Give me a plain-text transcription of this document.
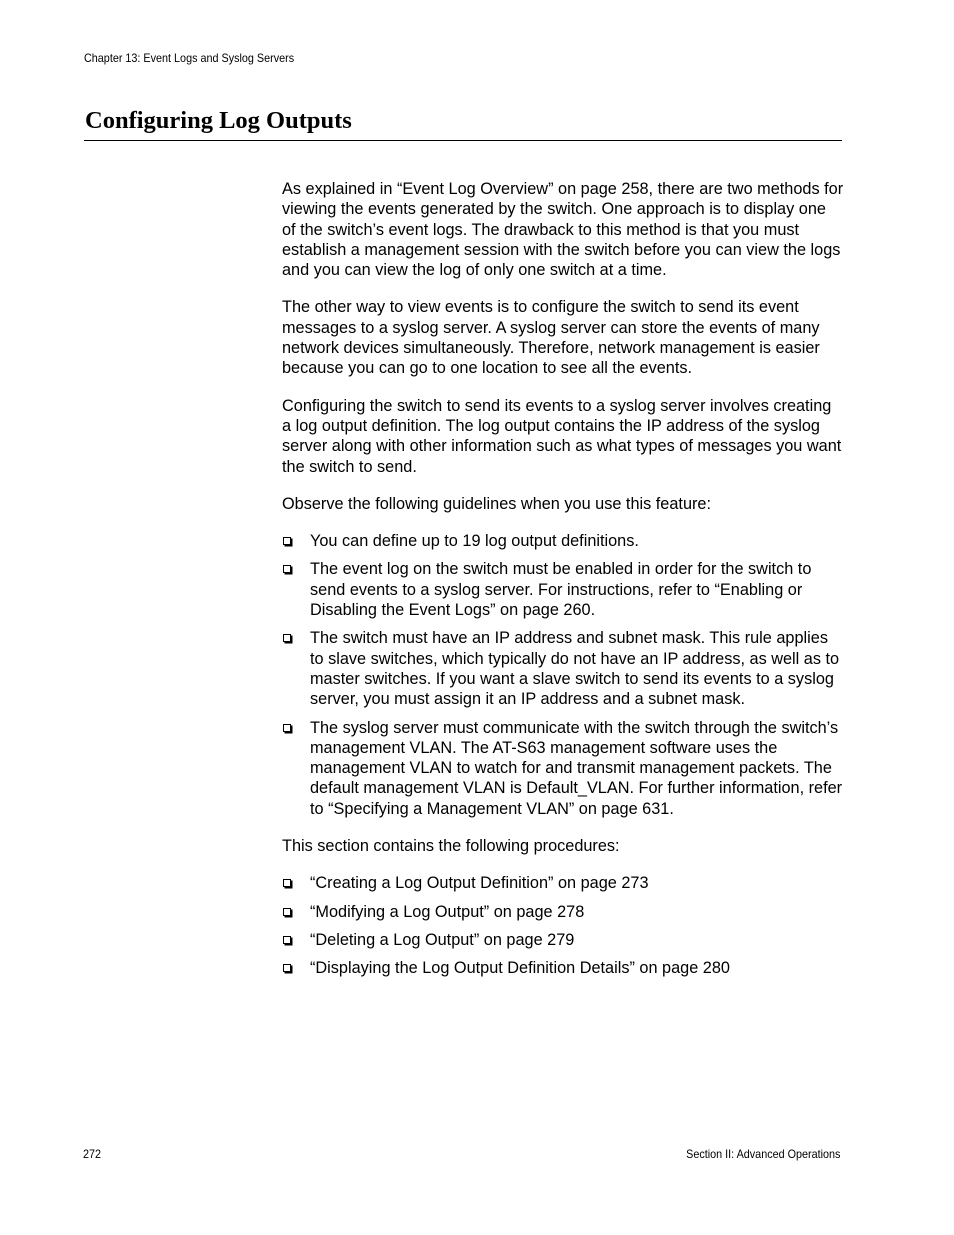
Chapter 13: Event Logs and Syslog Servers
Configuring Log Outputs

As explained in “Event Log Overview” on page 258, there are two methods for viewing the events generated by the switch. One approach is to display one of the switch’s event logs. The drawback to this method is that you must establish a management session with the switch before you can view the logs and you can view the log of only one switch at a time.

The other way to view events is to configure the switch to send its event messages to a syslog server. A syslog server can store the events of many network devices simultaneously. Therefore, network management is easier because you can go to one location to see all the events.

Configuring the switch to send its events to a syslog server involves creating a log output definition. The log output contains the IP address of the syslog server along with other information such as what types of messages you want the switch to send.

Observe the following guidelines when you use this feature:

You can define up to 19 log output definitions.
The event log on the switch must be enabled in order for the switch to send events to a syslog server. For instructions, refer to “Enabling or Disabling the Event Logs” on page 260.
The switch must have an IP address and subnet mask. This rule applies to slave switches, which typically do not have an IP address, as well as to master switches. If you want a slave switch to send its events to a syslog server, you must assign it an IP address and a subnet mask.
The syslog server must communicate with the switch through the switch’s management VLAN. The AT-S63 management software uses the management VLAN to watch for and transmit management packets. The default management VLAN is Default_VLAN. For further information, refer to “Specifying a Management VLAN” on page 631.

This section contains the following procedures:

“Creating a Log Output Definition” on page 273
“Modifying a Log Output” on page 278
“Deleting a Log Output” on page 279
“Displaying the Log Output Definition Details” on page 280
272	Section II: Advanced Operations
